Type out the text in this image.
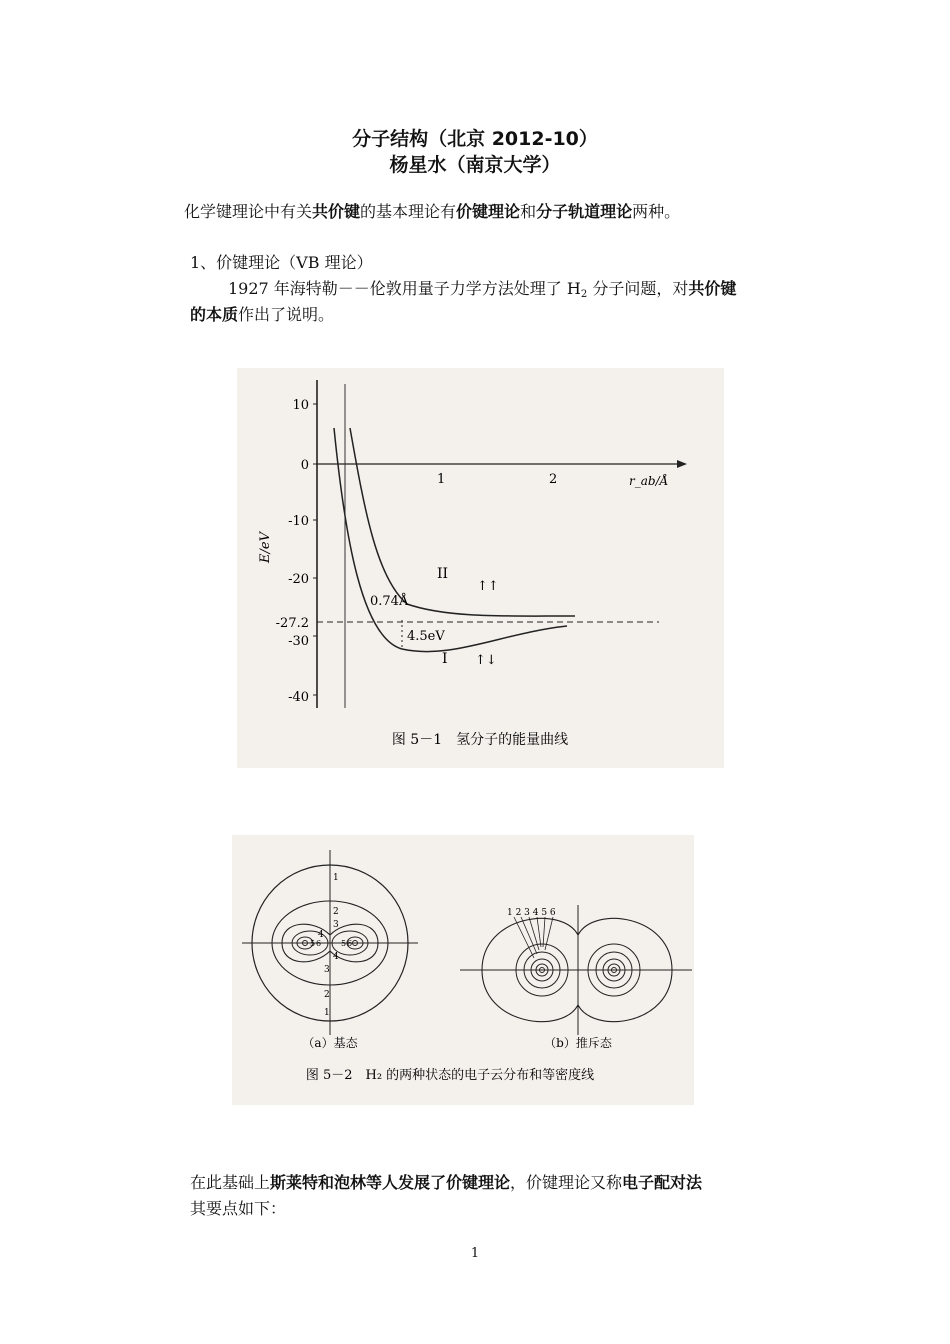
分子结构（北京 2012-10）
杨星水（南京大学）
化学键理论中有关共价键的基本理论有价键理论和分子轨道理论两种。
1、价键理论（VB 理论）
1927 年海特勒－－伦敦用量子力学方法处理了 $H_2$ 分子问题，对共价键
的本质作出了说明。
10
0
-10
-20
-27.2
-30
-40
E/eV
1	2	r_ab/Å
II
I
↑↑
↑↓
0.74Å
4.5eV
图 5－1　氢分子的能量曲线
1
2
3
4
5 6 5 6
4
3
2
1
（a）基态
1 2 3 4 5 6
（b）推斥态
图 5－2　H₂ 的两种状态的电子云分布和等密度线
在此基础上斯莱特和泡林等人发展了价键理论，价键理论又称电子配对法
其要点如下：
1
